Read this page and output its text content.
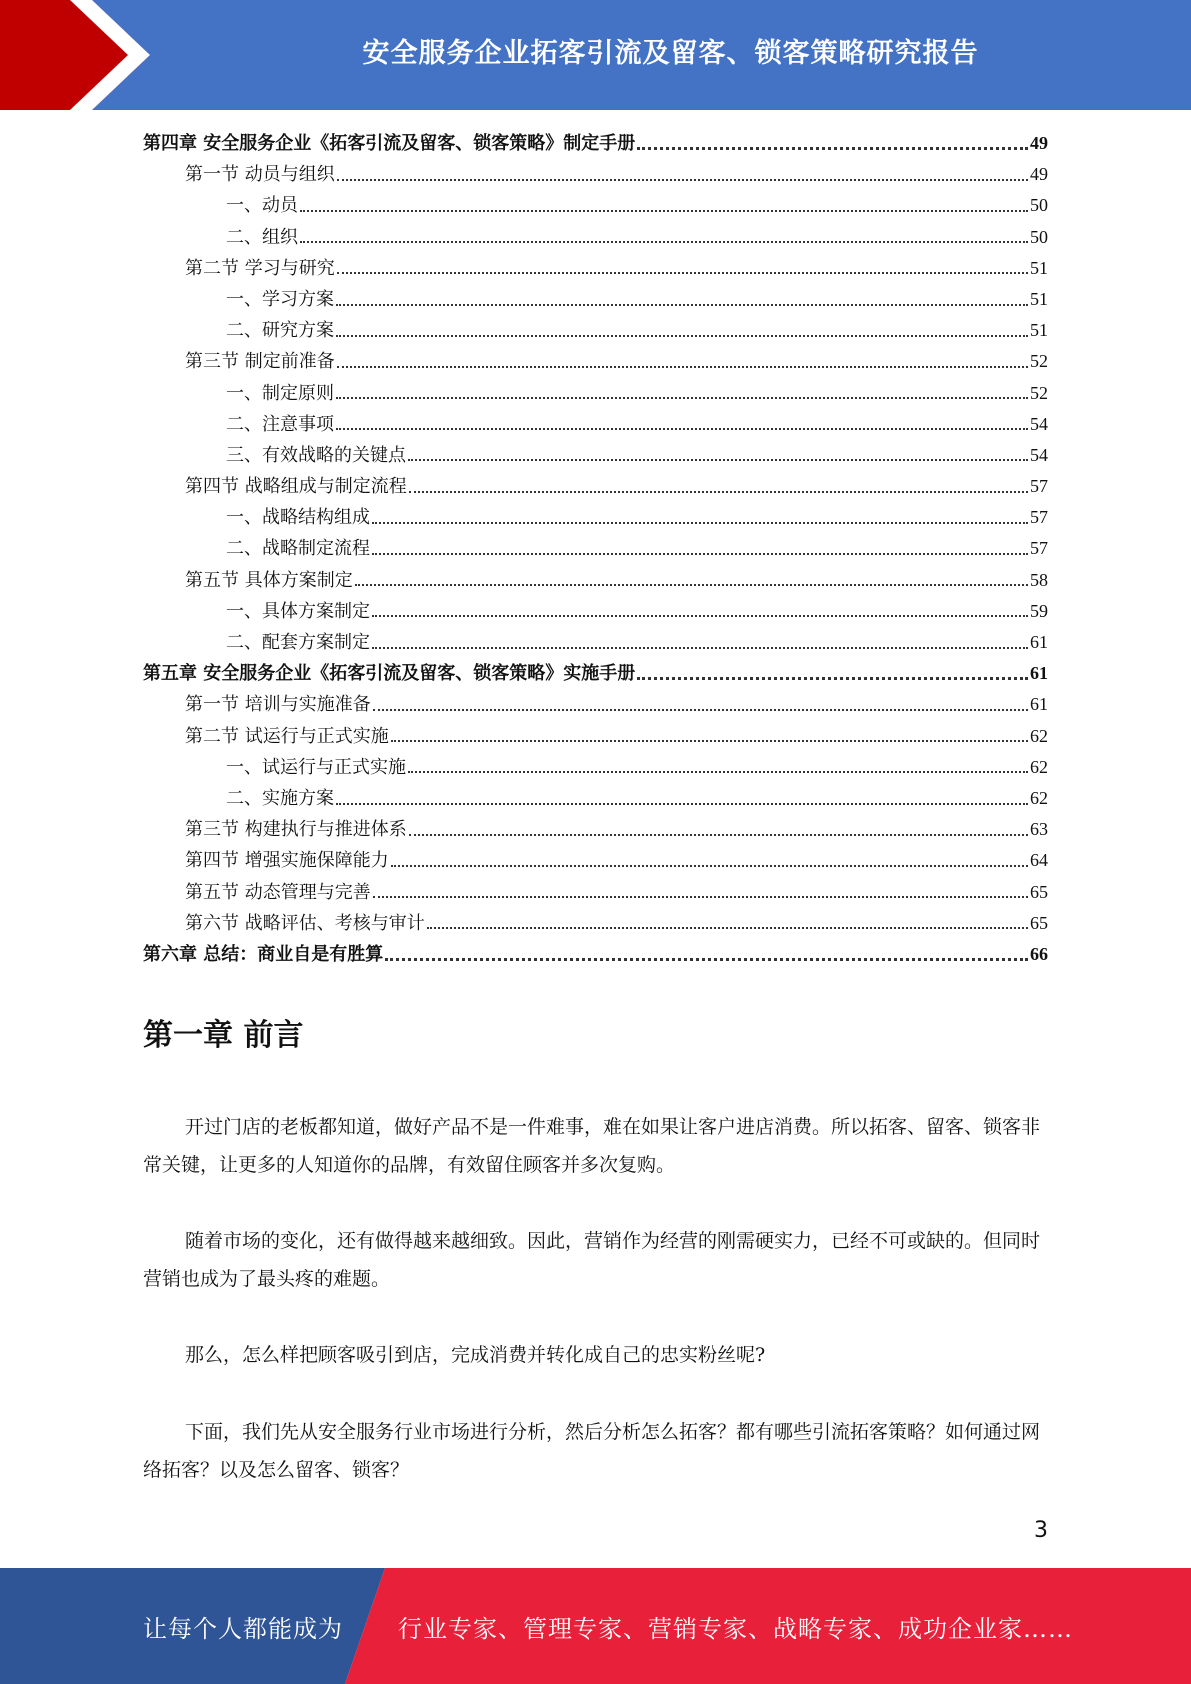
安全服务企业拓客引流及留客、锁客策略研究报告
第四章 安全服务企业《拓客引流及留客、锁客策略》制定手册	49
第一节 动员与组织	49
一、动员	50
二、组织	50
第二节 学习与研究	51
一、学习方案	51
二、研究方案	51
第三节 制定前准备	52
一、制定原则	52
二、注意事项	54
三、有效战略的关键点	54
第四节 战略组成与制定流程	57
一、战略结构组成	57
二、战略制定流程	57
第五节 具体方案制定	58
一、具体方案制定	59
二、配套方案制定	61
第五章 安全服务企业《拓客引流及留客、锁客策略》实施手册	61
第一节 培训与实施准备	61
第二节 试运行与正式实施	62
一、试运行与正式实施	62
二、实施方案	62
第三节 构建执行与推进体系	63
第四节 增强实施保障能力	64
第五节 动态管理与完善	65
第六节 战略评估、考核与审计	65
第六章 总结：商业自是有胜算	66
第一章 前言

开过门店的老板都知道，做好产品不是一件难事，难在如果让客户进店消费。所以拓客、留客、锁客非常关键，让更多的人知道你的品牌，有效留住顾客并多次复购。

随着市场的变化，还有做得越来越细致。因此，营销作为经营的刚需硬实力，已经不可或缺的。但同时营销也成为了最头疼的难题。

那么，怎么样把顾客吸引到店，完成消费并转化成自己的忠实粉丝呢?

下面，我们先从安全服务行业市场进行分析，然后分析怎么拓客？都有哪些引流拓客策略？如何通过网络拓客？以及怎么留客、锁客？

3
让每个人都能成为 行业专家、管理专家、营销专家、战略专家、成功企业家……
